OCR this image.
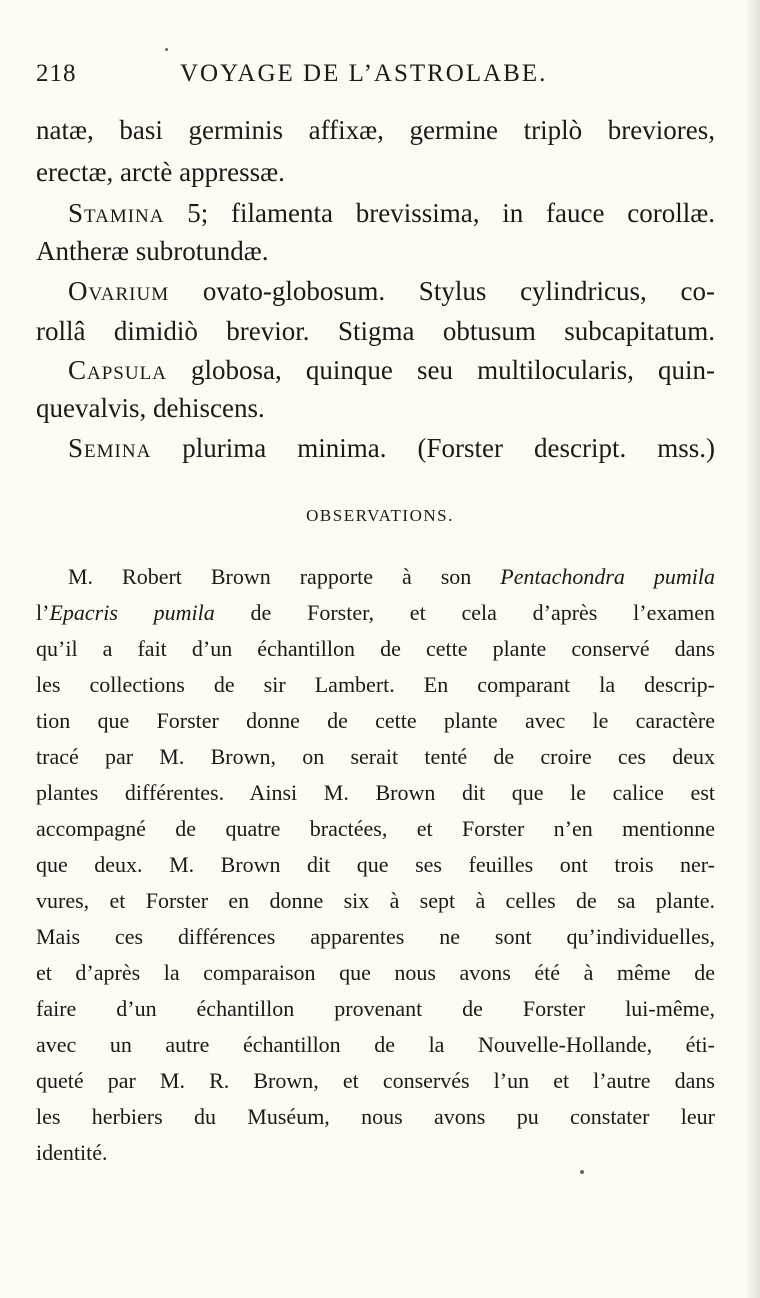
218	VOYAGE DE L’ASTROLABE.
natæ, basi germinis affixæ, germine triplò breviores,
erectæ, arctè appressæ.
Stamina 5; filamenta brevissima, in fauce corollæ.
Antheræ subrotundæ.
Ovarium ovato-globosum. Stylus cylindricus, co-
rollâ dimidiò brevior. Stigma obtusum subcapitatum.
Capsula globosa, quinque seu multilocularis, quin-
quevalvis, dehiscens.
Semina plurima minima. (Forster descript. mss.)
OBSERVATIONS.
M. Robert Brown rapporte à son Pentachondra pumila
l’Epacris pumila de Forster, et cela d’après l’examen
qu’il a fait d’un échantillon de cette plante conservé dans
les collections de sir Lambert. En comparant la descrip-
tion que Forster donne de cette plante avec le caractère
tracé par M. Brown, on serait tenté de croire ces deux
plantes différentes. Ainsi M. Brown dit que le calice est
accompagné de quatre bractées, et Forster n’en mentionne
que deux. M. Brown dit que ses feuilles ont trois ner-
vures, et Forster en donne six à sept à celles de sa plante.
Mais ces différences apparentes ne sont qu’individuelles,
et d’après la comparaison que nous avons été à même de
faire d’un échantillon provenant de Forster lui-même,
avec un autre échantillon de la Nouvelle-Hollande, éti-
queté par M. R. Brown, et conservés l’un et l’autre dans
les herbiers du Muséum, nous avons pu constater leur
identité.
